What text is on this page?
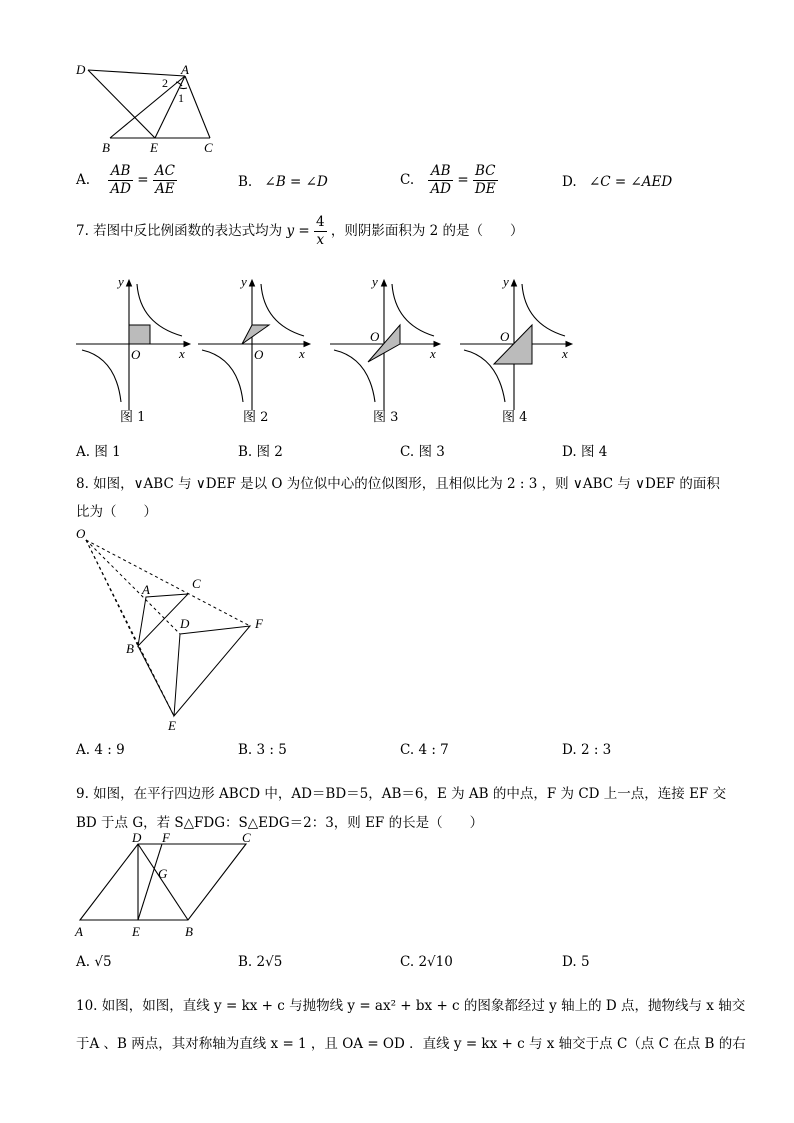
D	A
B	E	C
2
1
A. $\frac{AB}{AD} = \frac{AC}{AE}$	B. ∠B = ∠D	C. $\frac{AB}{AD} = \frac{BC}{DE}$	D. ∠C = ∠AED
7. 若图中反比例函数的表达式均为 $y = \frac{4}{x}$ ，则阴影面积为 2 的是（　　）
O	x
y
O	x
y
O
x
y
O
x
y
图 1	图 2	图 3	图 4
A. 图 1	B. 图 2	C. 图 3	D. 图 4
8. 如图，∨ABC 与 ∨DEF 是以 O 为位似中心的位似图形，且相似比为 2 : 3 ，则 ∨ABC 与 ∨DEF 的面积
比为（　　）
O
A	C
D	F
B
E
A. 4 : 9	B. 3 : 5	C. 4 : 7	D. 2 : 3
9. 如图，在平行四边形 ABCD 中，AD＝BD＝5，AB＝6，E 为 AB 的中点，F 为 CD 上一点，连接 EF 交
BD 于点 G，若 S△FDG：S△EDG＝2：3，则 EF 的长是（　　）
D F	C
G
A	E	B
A. √5	B. 2√5	C. 2√10	D. 5
10. 如图，如图，直线 y = kx + c 与抛物线 y = ax² + bx + c 的图象都经过 y 轴上的 D 点，抛物线与 x 轴交
于A 、B 两点，其对称轴为直线 x = 1 ，且 OA = OD ．直线 y = kx + c 与 x 轴交于点 C（点 C 在点 B 的右
